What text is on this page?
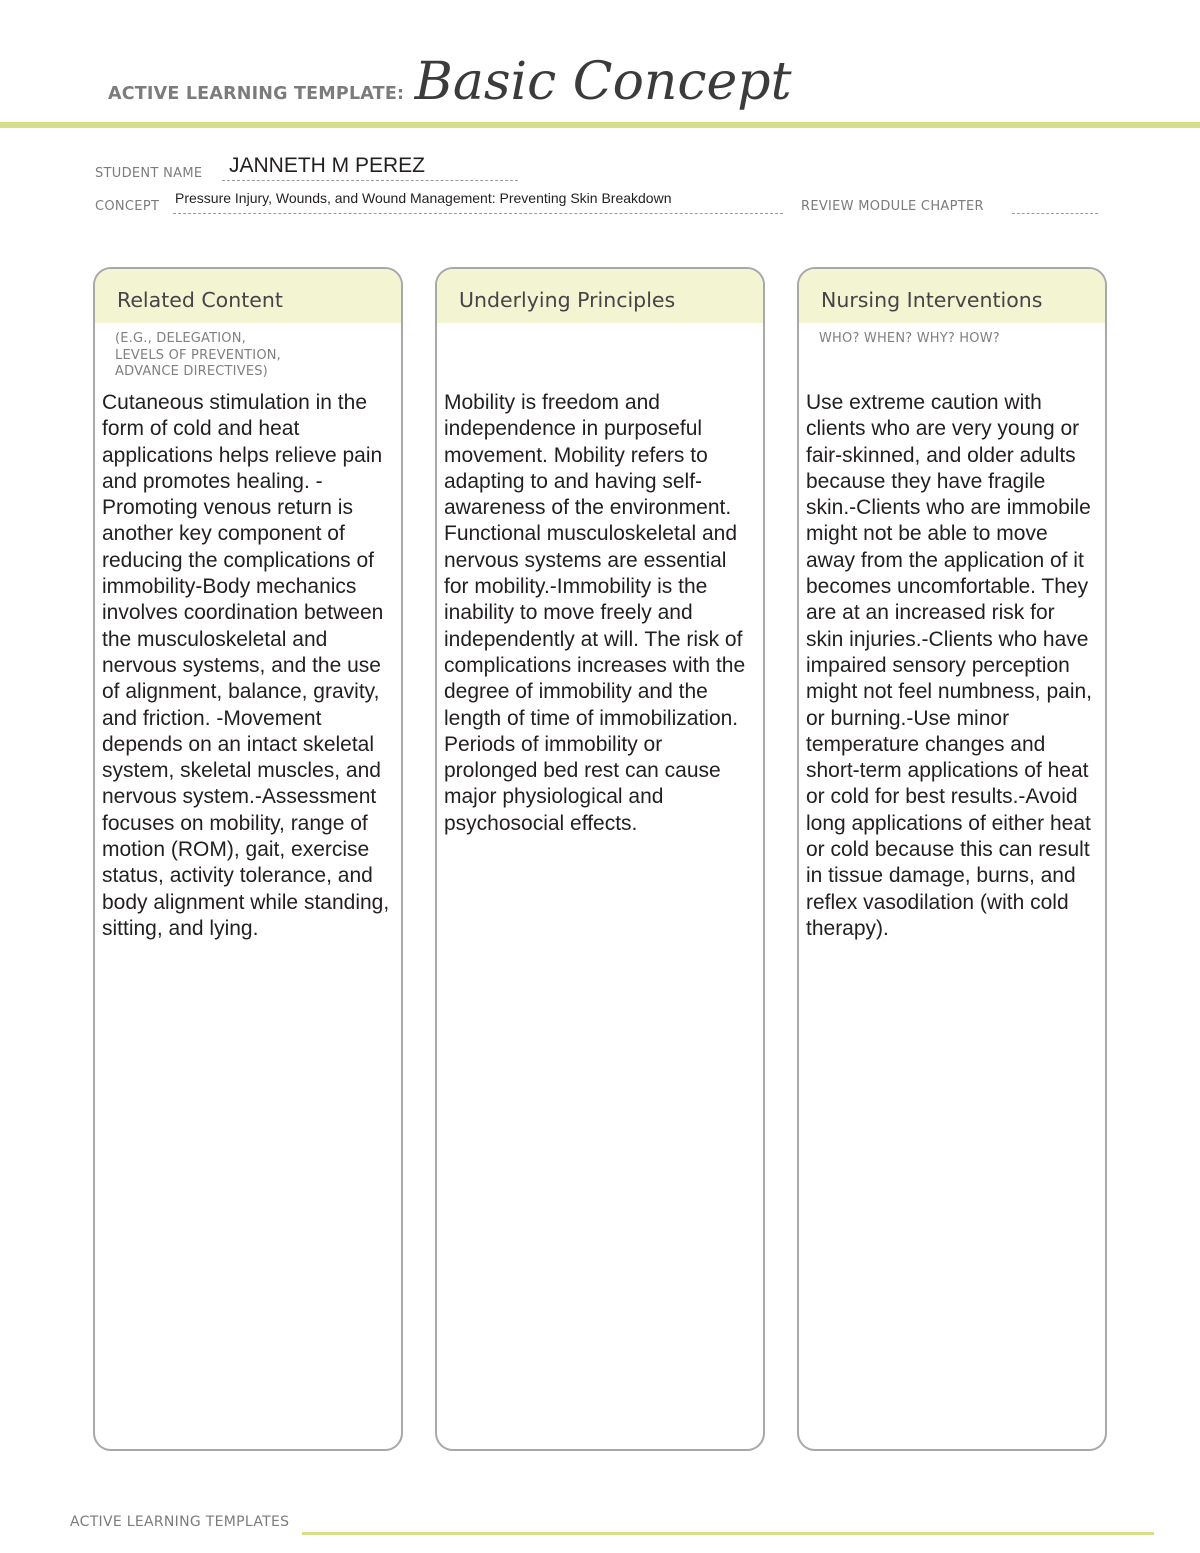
ACTIVE LEARNING TEMPLATE: Basic Concept
STUDENT NAME JANNETH M PEREZ
CONCEPT
Pressure Injury, Wounds, and Wound Management: Preventing Skin Breakdown
REVIEW MODULE CHAPTER
Related Content
(E.G., DELEGATION,
LEVELS OF PREVENTION,
ADVANCE DIRECTIVES)
Cutaneous stimulation in the form of cold and heat applications helps relieve pain and promotes healing. -Promoting venous return is another key component of reducing the complications of immobility-Body mechanics involves coordination between the musculoskeletal and nervous systems, and the use of alignment, balance, gravity, and friction. -Movement depends on an intact skeletal system, skeletal muscles, and nervous system.-Assessment focuses on mobility, range of motion (ROM), gait, exercise status, activity tolerance, and body alignment while standing, sitting, and lying.
Underlying Principles
Mobility is freedom and independence in purposeful movement. Mobility refers to adapting to and having self-awareness of the environment. Functional musculoskeletal and nervous systems are essential for mobility.-Immobility is the inability to move freely and independently at will. The risk of complications increases with the degree of immobility and the length of time of immobilization. Periods of immobility or prolonged bed rest can cause major physiological and psychosocial effects.
Nursing Interventions
WHO? WHEN? WHY? HOW?
Use extreme caution with clients who are very young or fair-skinned, and older adults because they have fragile skin.-Clients who are immobile might not be able to move away from the application of it becomes uncomfortable. They are at an increased risk for skin injuries.-Clients who have impaired sensory perception might not feel numbness, pain, or burning.-Use minor temperature changes and short-term applications of heat or cold for best results.-Avoid long applications of either heat or cold because this can result in tissue damage, burns, and reflex vasodilation (with cold therapy).
ACTIVE LEARNING TEMPLATES
